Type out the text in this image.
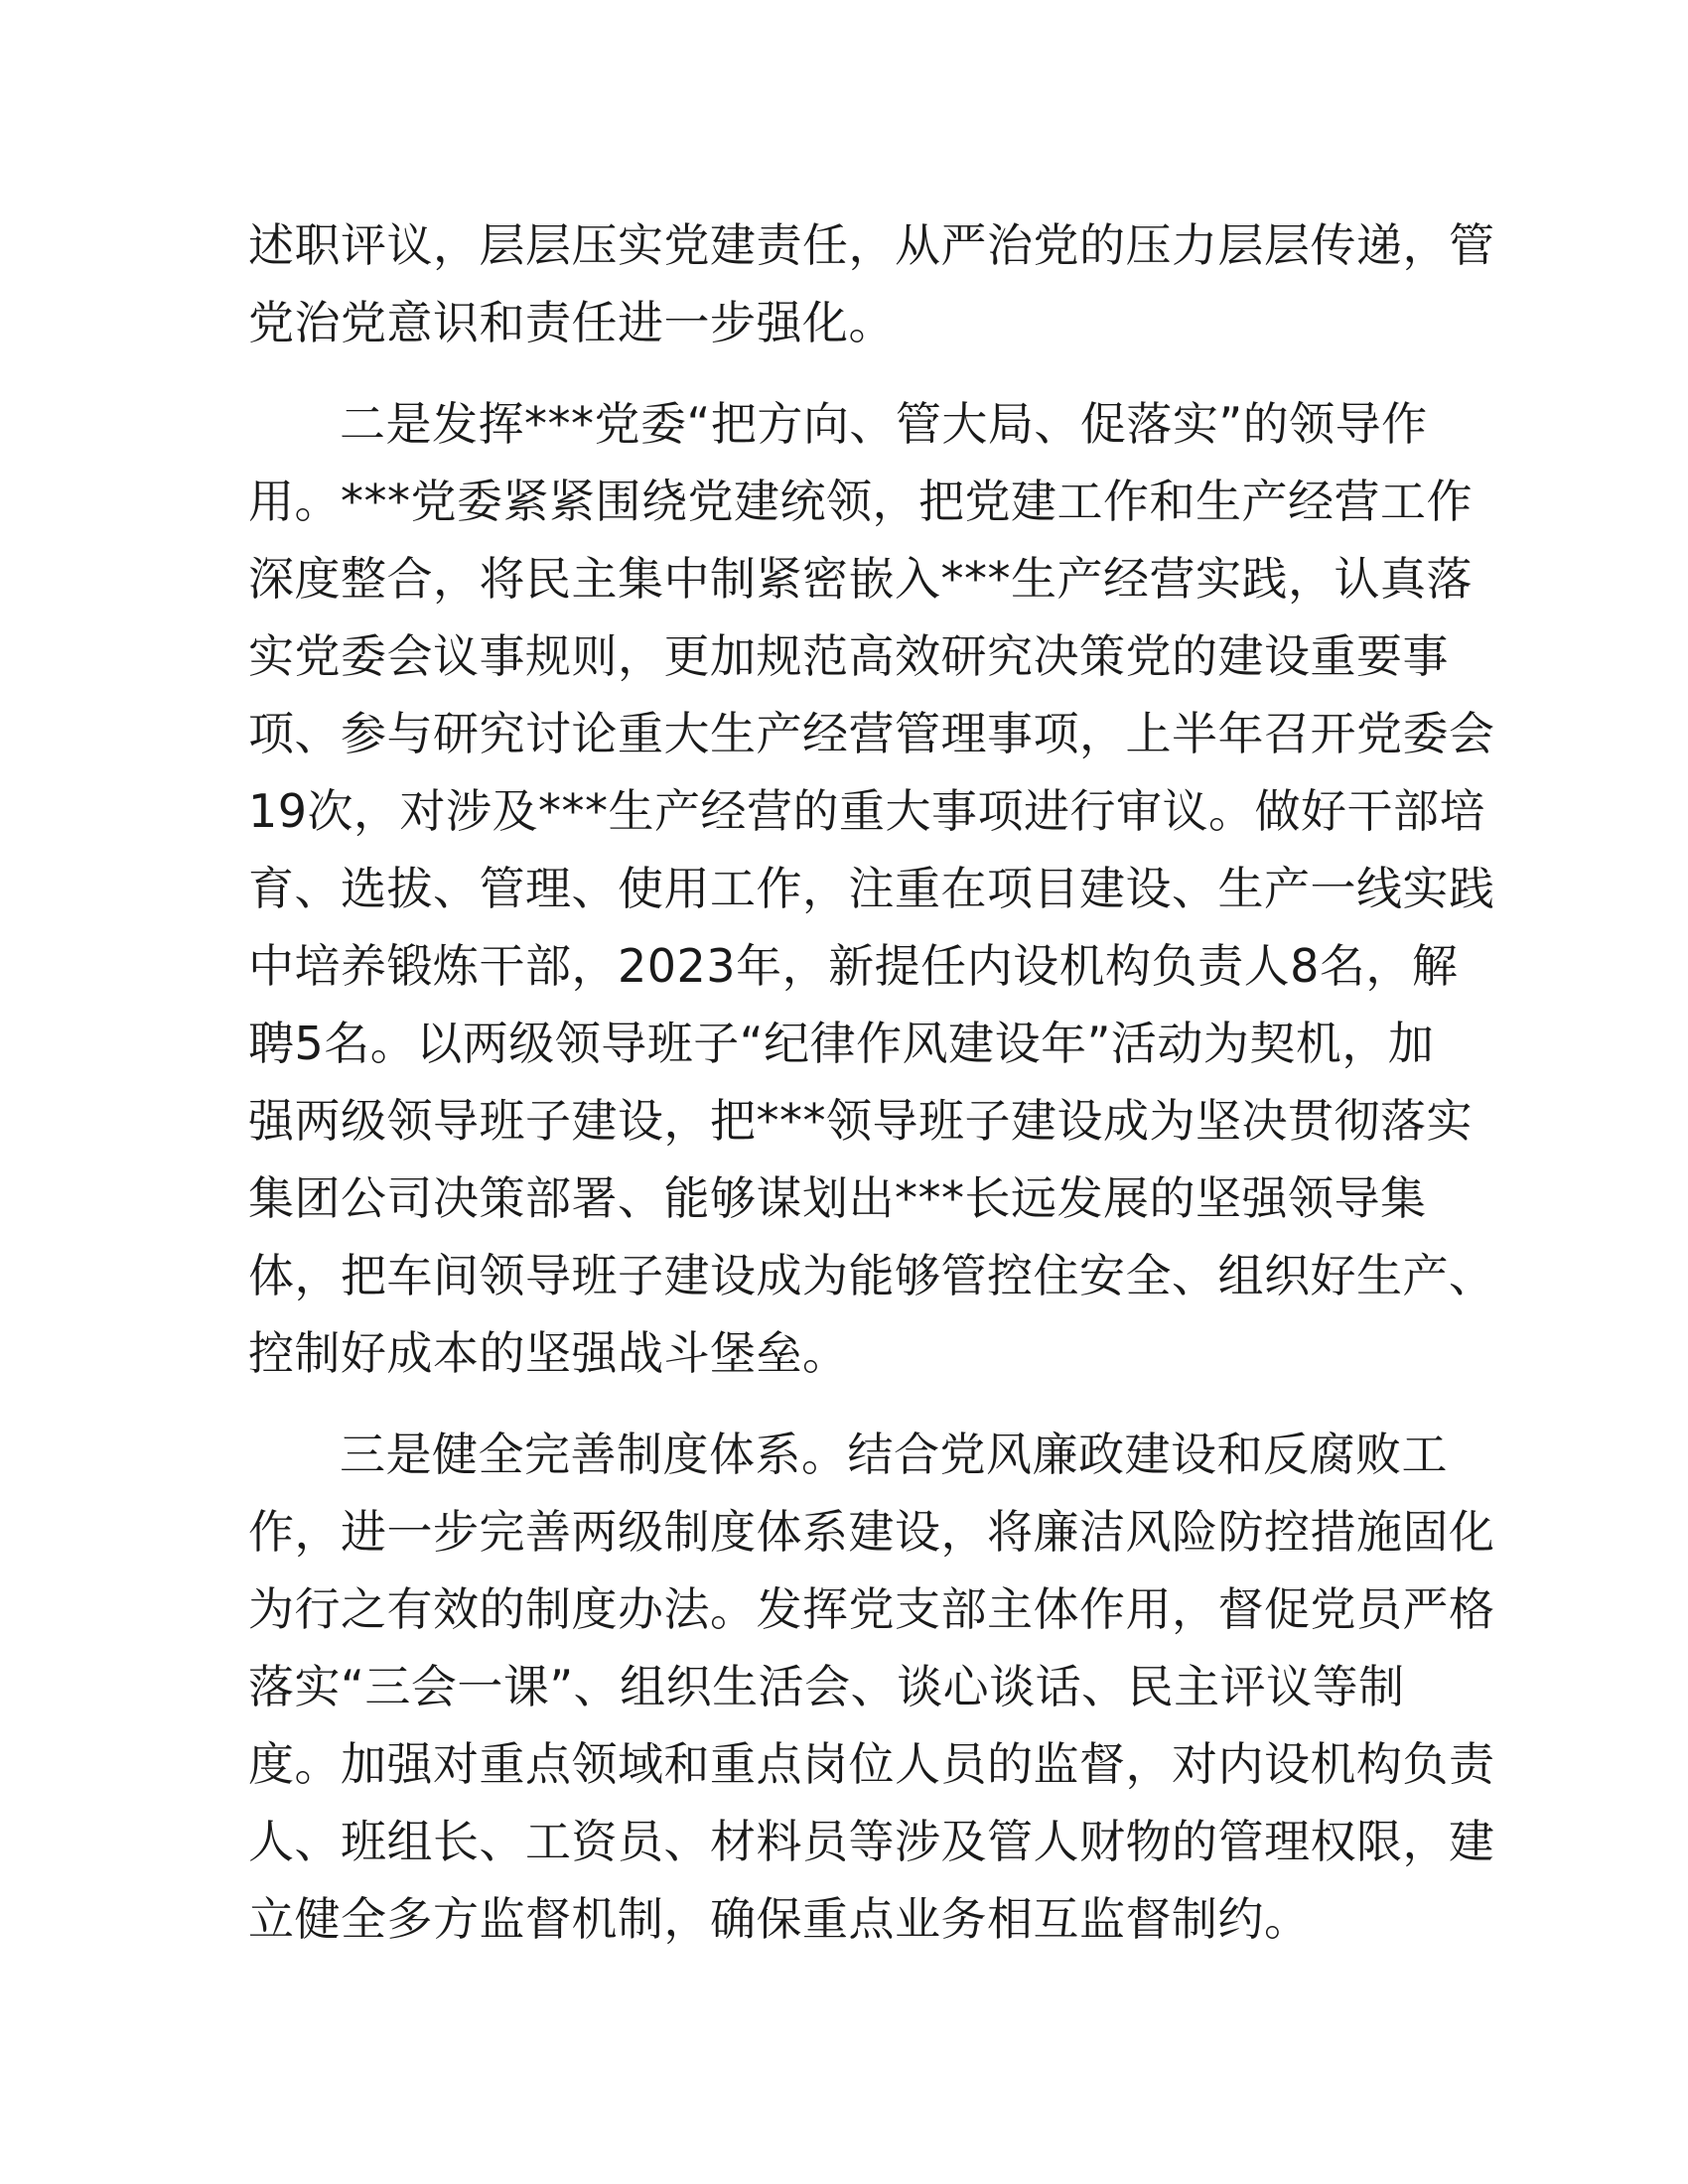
述职评议，层层压实党建责任，从严治党的压力层层传递，管
党治党意识和责任进一步强化。
二是发挥***党委“把方向、管大局、促落实”的领导作
用。***党委紧紧围绕党建统领，把党建工作和生产经营工作
深度整合，将民主集中制紧密嵌入***生产经营实践，认真落
实党委会议事规则，更加规范高效研究决策党的建设重要事
项、参与研究讨论重大生产经营管理事项，上半年召开党委会
19次，对涉及***生产经营的重大事项进行审议。做好干部培
育、选拔、管理、使用工作，注重在项目建设、生产一线实践
中培养锻炼干部，2023年，新提任内设机构负责人8名，解
聘5名。以两级领导班子“纪律作风建设年”活动为契机，加
强两级领导班子建设，把***领导班子建设成为坚决贯彻落实
集团公司决策部署、能够谋划出***长远发展的坚强领导集
体，把车间领导班子建设成为能够管控住安全、组织好生产、
控制好成本的坚强战斗堡垒。
三是健全完善制度体系。结合党风廉政建设和反腐败工
作，进一步完善两级制度体系建设，将廉洁风险防控措施固化
为行之有效的制度办法。发挥党支部主体作用，督促党员严格
落实“三会一课”、组织生活会、谈心谈话、民主评议等制
度。加强对重点领域和重点岗位人员的监督，对内设机构负责
人、班组长、工资员、材料员等涉及管人财物的管理权限，建
立健全多方监督机制，确保重点业务相互监督制约。
